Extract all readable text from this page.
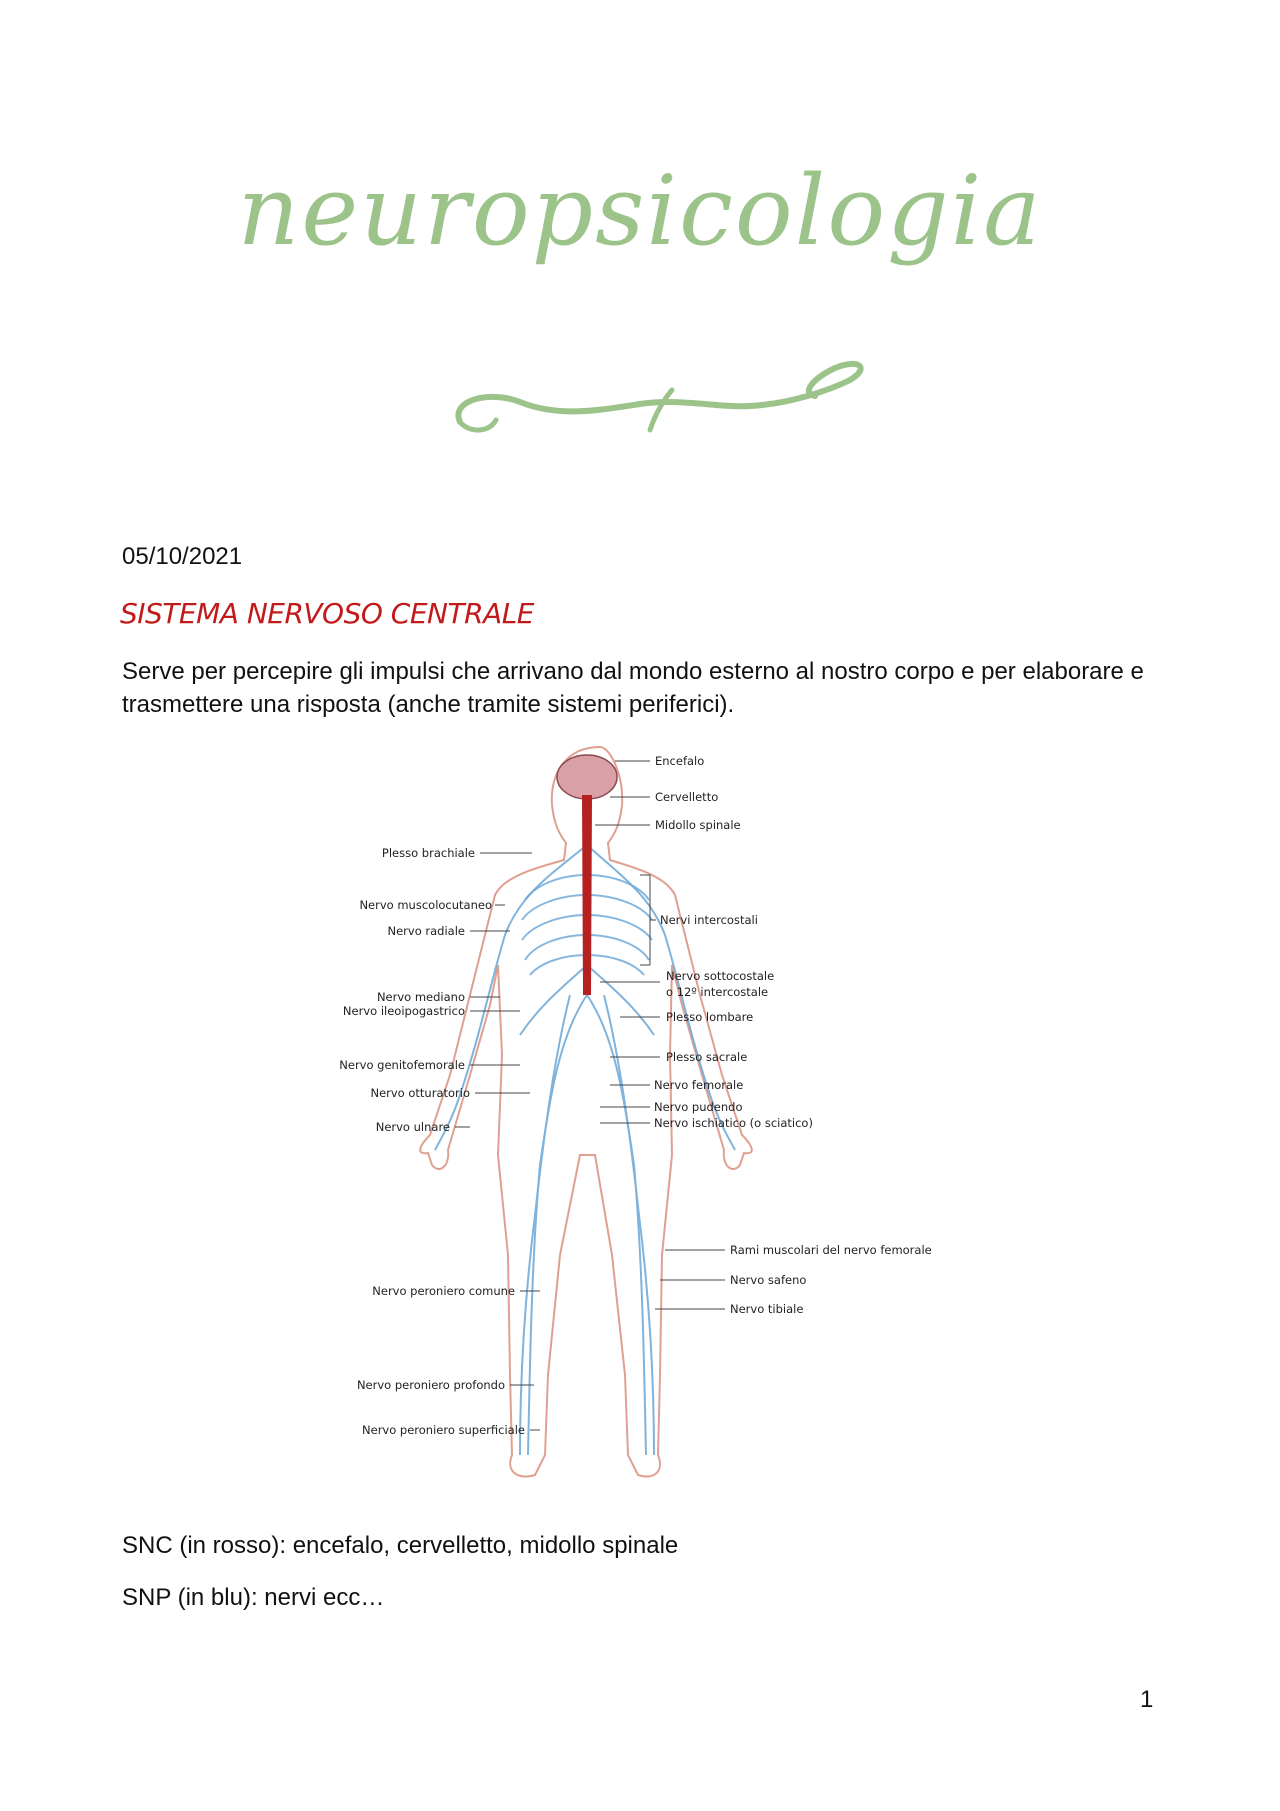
neuropsicologia
05/10/2021
SISTEMA NERVOSO CENTRALE
Serve per percepire gli impulsi che arrivano dal mondo esterno al nostro corpo e per elaborare e trasmettere una risposta (anche tramite sistemi periferici).
Encefalo
Cervelletto
Midollo spinale
Nervi intercostali
Nervo sottocostale
o 12º intercostale
Plesso lombare
Plesso sacrale
Nervo femorale
Nervo pudendo
Nervo ischiatico (o sciatico)
Rami muscolari del nervo femorale
Nervo safeno
Nervo tibiale
Plesso brachiale
Nervo muscolocutaneo
Nervo radiale
Nervo mediano
Nervo ileoipogastrico
Nervo genitofemorale
Nervo otturatorio
Nervo ulnare
Nervo peroniero comune
Nervo peroniero profondo
Nervo peroniero superficiale
SNC (in rosso): encefalo, cervelletto, midollo spinale
SNP (in blu): nervi ecc…
1
